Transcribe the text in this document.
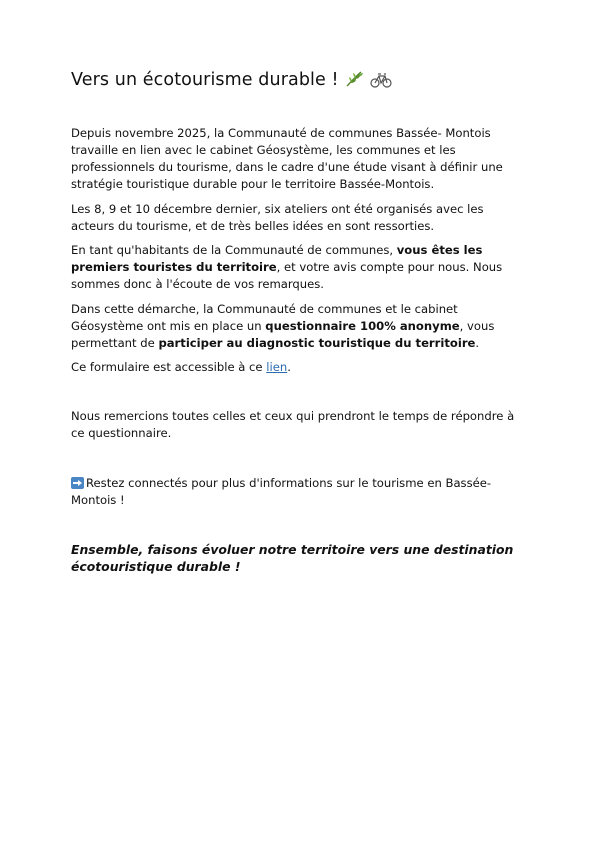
Vers un écotourisme durable !

Depuis novembre 2025, la Communauté de communes Bassée- Montois travaille en lien avec le cabinet Géosystème, les communes et les professionnels du tourisme, dans le cadre d'une étude visant à définir une stratégie touristique durable pour le territoire Bassée-Montois.

Les 8, 9 et 10 décembre dernier, six ateliers ont été organisés avec les acteurs du tourisme, et de très belles idées en sont ressorties.

En tant qu'habitants de la Communauté de communes, vous êtes les premiers touristes du territoire, et votre avis compte pour nous. Nous sommes donc à l'écoute de vos remarques.

Dans cette démarche, la Communauté de communes et le cabinet Géosystème ont mis en place un questionnaire 100% anonyme, vous permettant de participer au diagnostic touristique du territoire.

Ce formulaire est accessible à ce lien.

Nous remercions toutes celles et ceux qui prendront le temps de répondre à ce questionnaire.

Restez connectés pour plus d'informations sur le tourisme en Bassée-Montois !

Ensemble, faisons évoluer notre territoire vers une destination écotouristique durable !
